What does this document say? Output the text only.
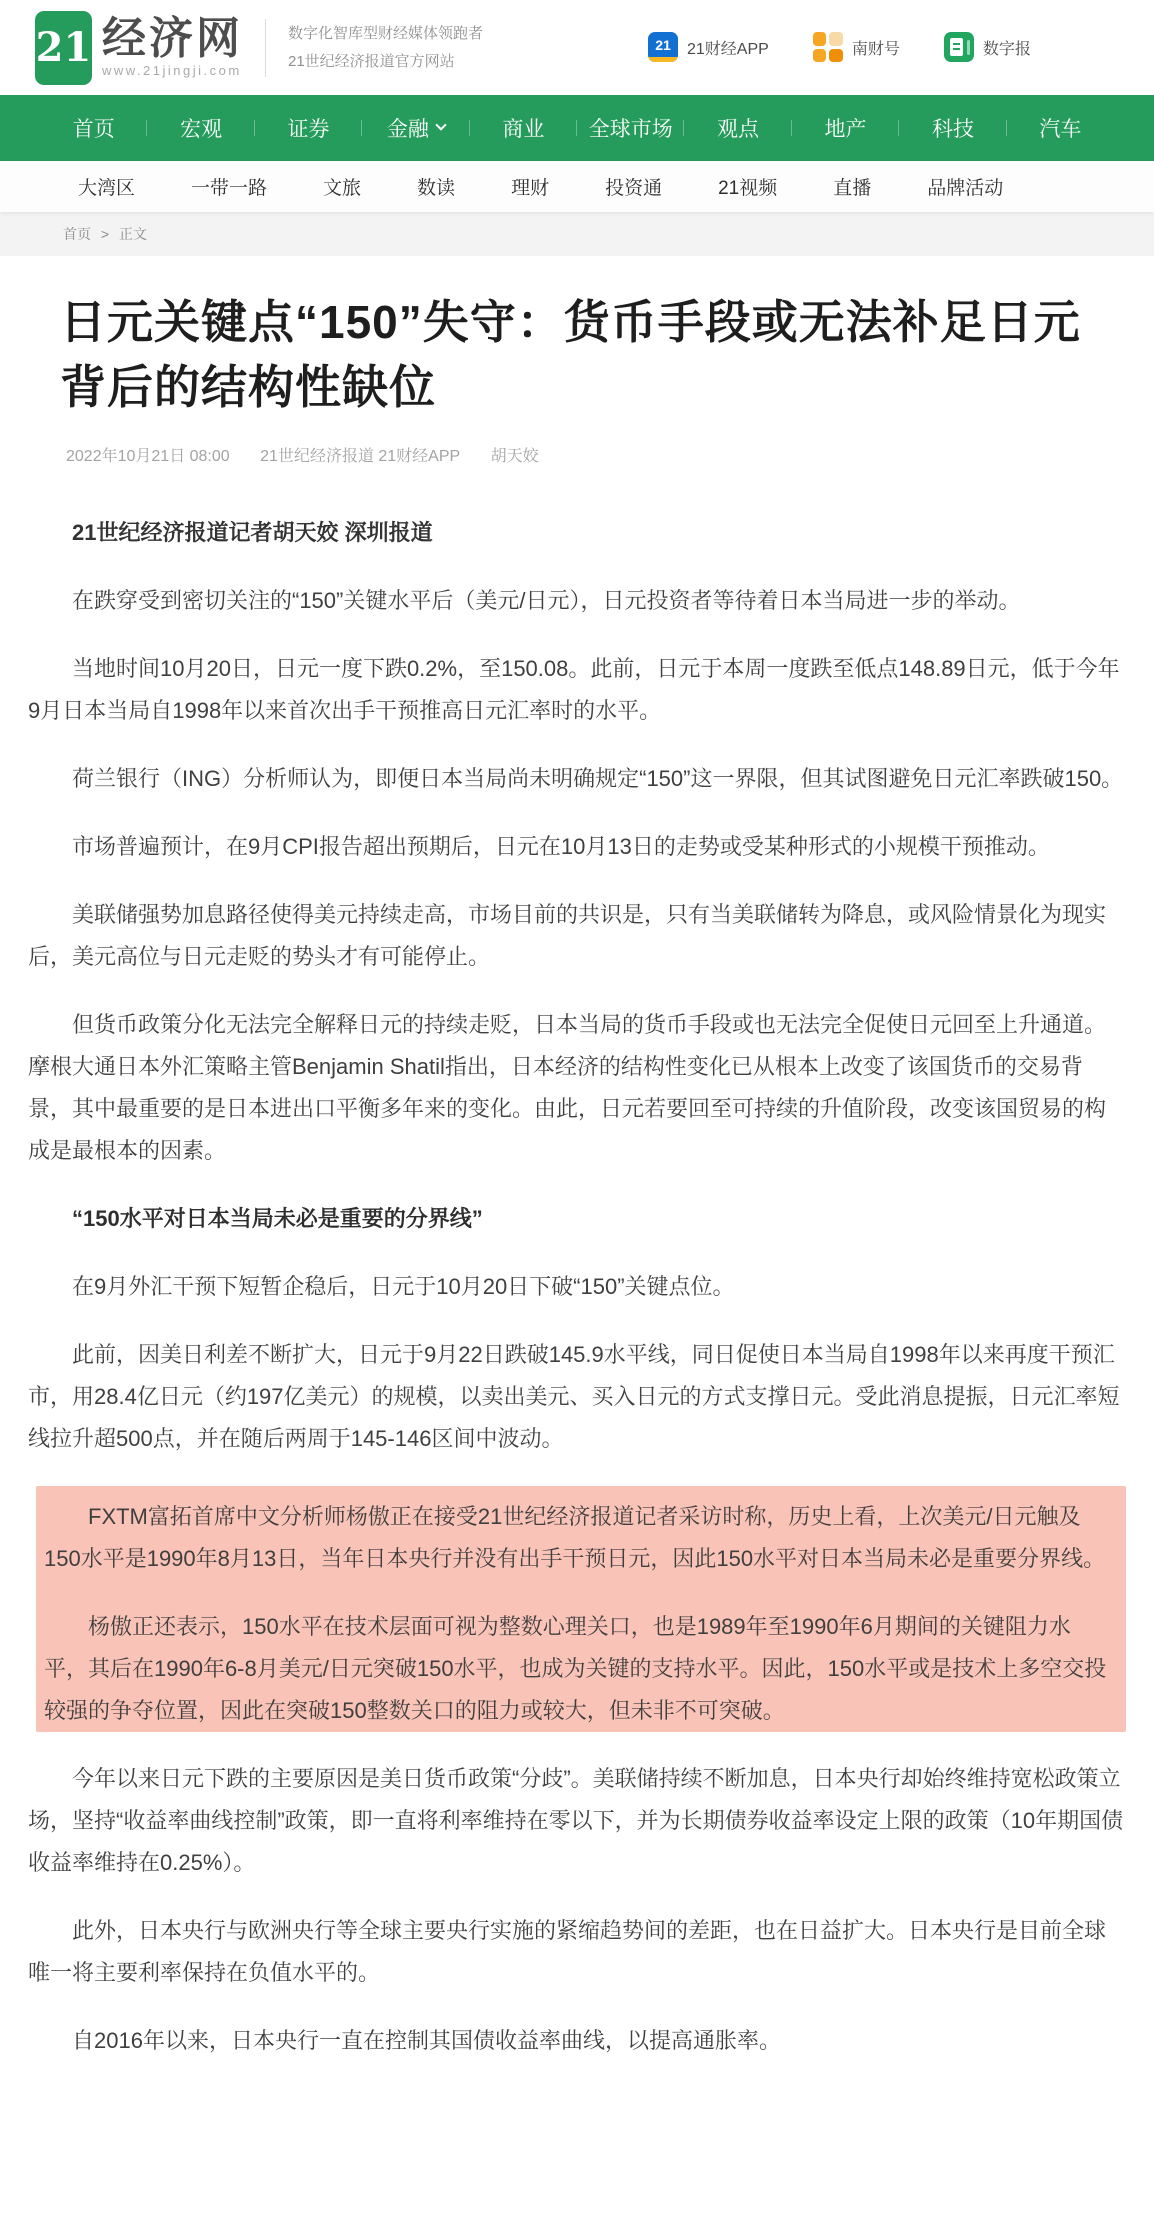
21 经济网
www.21jingji.com
数字化智库型财经媒体领跑者
21世纪经济报道官方网站
21 21财经APP	南财号	数字报
首页	宏观	证券	金融	商业 全球市场 观点	地产	科技	汽车
大湾区	一带一路	文旅	数读	理财	投资通	21视频	直播	品牌活动
首页 > 正文
日元关键点“150”失守：货币手段或无法补足日元
背后的结构性缺位
2022年10月21日 08:00 21世纪经济报道 21财经APP 胡天姣

21世纪经济报道记者胡天姣 深圳报道

在跌穿受到密切关注的“150”关键水平后（美元/日元），日元投资者等待着日本当局进一步的举动。

当地时间10月20日，日元一度下跌0.2%，至150.08。此前，日元于本周一度跌至低点148.89日元，低于今年9月日本当局自1998年以来首次出手干预推高日元汇率时的水平。

荷兰银行（ING）分析师认为，即便日本当局尚未明确规定“150”这一界限，但其试图避免日元汇率跌破150。

市场普遍预计，在9月CPI报告超出预期后，日元在10月13日的走势或受某种形式的小规模干预推动。

美联储强势加息路径使得美元持续走高，市场目前的共识是，只有当美联储转为降息，或风险情景化为现实后，美元高位与日元走贬的势头才有可能停止。

但货币政策分化无法完全解释日元的持续走贬，日本当局的货币手段或也无法完全促使日元回至上升通道。摩根大通日本外汇策略主管Benjamin Shatil指出，日本经济的结构性变化已从根本上改变了该国货币的交易背景，其中最重要的是日本进出口平衡多年来的变化。由此，日元若要回至可持续的升值阶段，改变该国贸易的构成是最根本的因素。

“150水平对日本当局未必是重要的分界线”

在9月外汇干预下短暂企稳后，日元于10月20日下破“150”关键点位。

此前，因美日利差不断扩大，日元于9月22日跌破145.9水平线，同日促使日本当局自1998年以来再度干预汇市，用28.4亿日元（约197亿美元）的规模，以卖出美元、买入日元的方式支撑日元。受此消息提振，日元汇率短线拉升超500点，并在随后两周于145-146区间中波动。

FXTM富拓首席中文分析师杨傲正在接受21世纪经济报道记者采访时称，历史上看，上次美元/日元触及150水平是1990年8月13日，当年日本央行并没有出手干预日元，因此150水平对日本当局未必是重要分界线。

杨傲正还表示，150水平在技术层面可视为整数心理关口，也是1989年至1990年6月期间的关键阻力水平，其后在1990年6-8月美元/日元突破150水平，也成为关键的支持水平。因此，150水平或是技术上多空交投较强的争夺位置，因此在突破150整数关口的阻力或较大，但未非不可突破。

今年以来日元下跌的主要原因是美日货币政策“分歧”。美联储持续不断加息，日本央行却始终维持宽松政策立场，坚持“收益率曲线控制”政策，即一直将利率维持在零以下，并为长期债券收益率设定上限的政策（10年期国债收益率维持在0.25%）。

此外，日本央行与欧洲央行等全球主要央行实施的紧缩趋势间的差距，也在日益扩大。日本央行是目前全球唯一将主要利率保持在负值水平的。

自2016年以来，日本央行一直在控制其国债收益率曲线，以提高通胀率。
